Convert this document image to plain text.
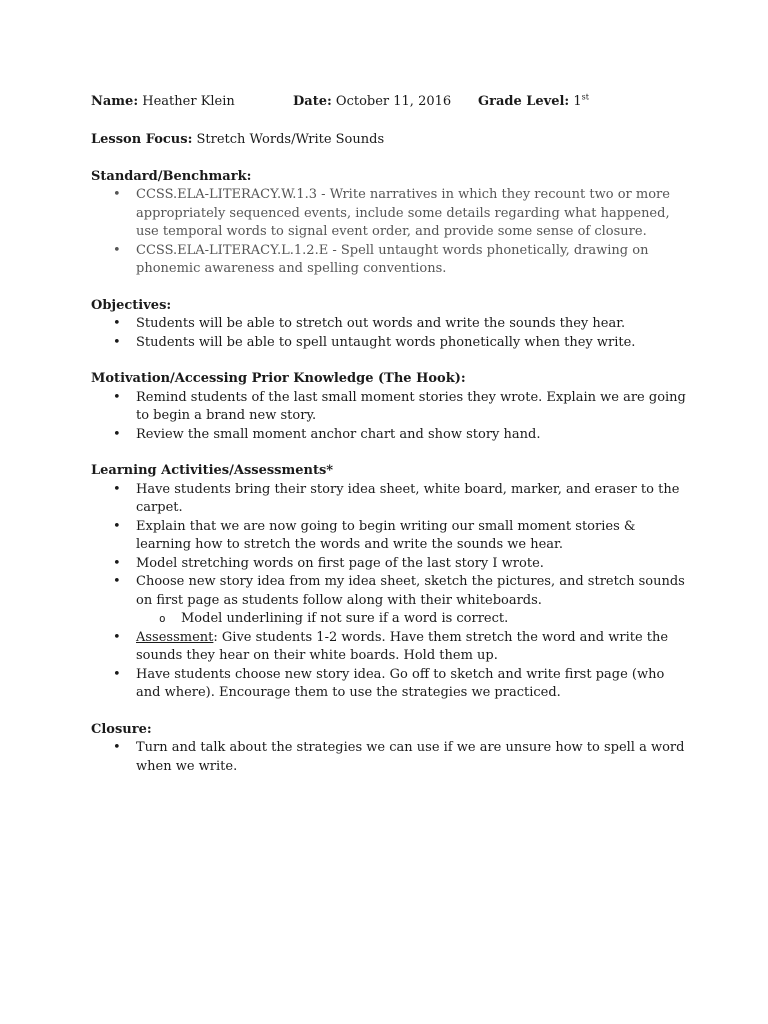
Name: Heather Klein	Date: October 11, 2016 Grade Level: 1st
Lesson Focus: Stretch Words/Write Sounds
Standard/Benchmark:
• CCSS.ELA-LITERACY.W.1.3 - Write narratives in which they recount two or more appropriately sequenced events, include some details regarding what happened, use temporal words to signal event order, and provide some sense of closure.
• CCSS.ELA-LITERACY.L.1.2.E - Spell untaught words phonetically, drawing on phonemic awareness and spelling conventions.
Objectives:
• Students will be able to stretch out words and write the sounds they hear.
• Students will be able to spell untaught words phonetically when they write.
Motivation/Accessing Prior Knowledge (The Hook):
• Remind students of the last small moment stories they wrote. Explain we are going to begin a brand new story.
• Review the small moment anchor chart and show story hand.
Learning Activities/Assessments*
• Have students bring their story idea sheet, white board, marker, and eraser to the carpet.
• Explain that we are now going to begin writing our small moment stories & learning how to stretch the words and write the sounds we hear.
• Model stretching words on first page of the last story I wrote.
• Choose new story idea from my idea sheet, sketch the pictures, and stretch sounds on first page as students follow along with their whiteboards.
o Model underlining if not sure if a word is correct.
• Assessment: Give students 1-2 words. Have them stretch the word and write the sounds they hear on their white boards. Hold them up.
• Have students choose new story idea. Go off to sketch and write first page (who and where). Encourage them to use the strategies we practiced.
Closure:
• Turn and talk about the strategies we can use if we are unsure how to spell a word when we write.
